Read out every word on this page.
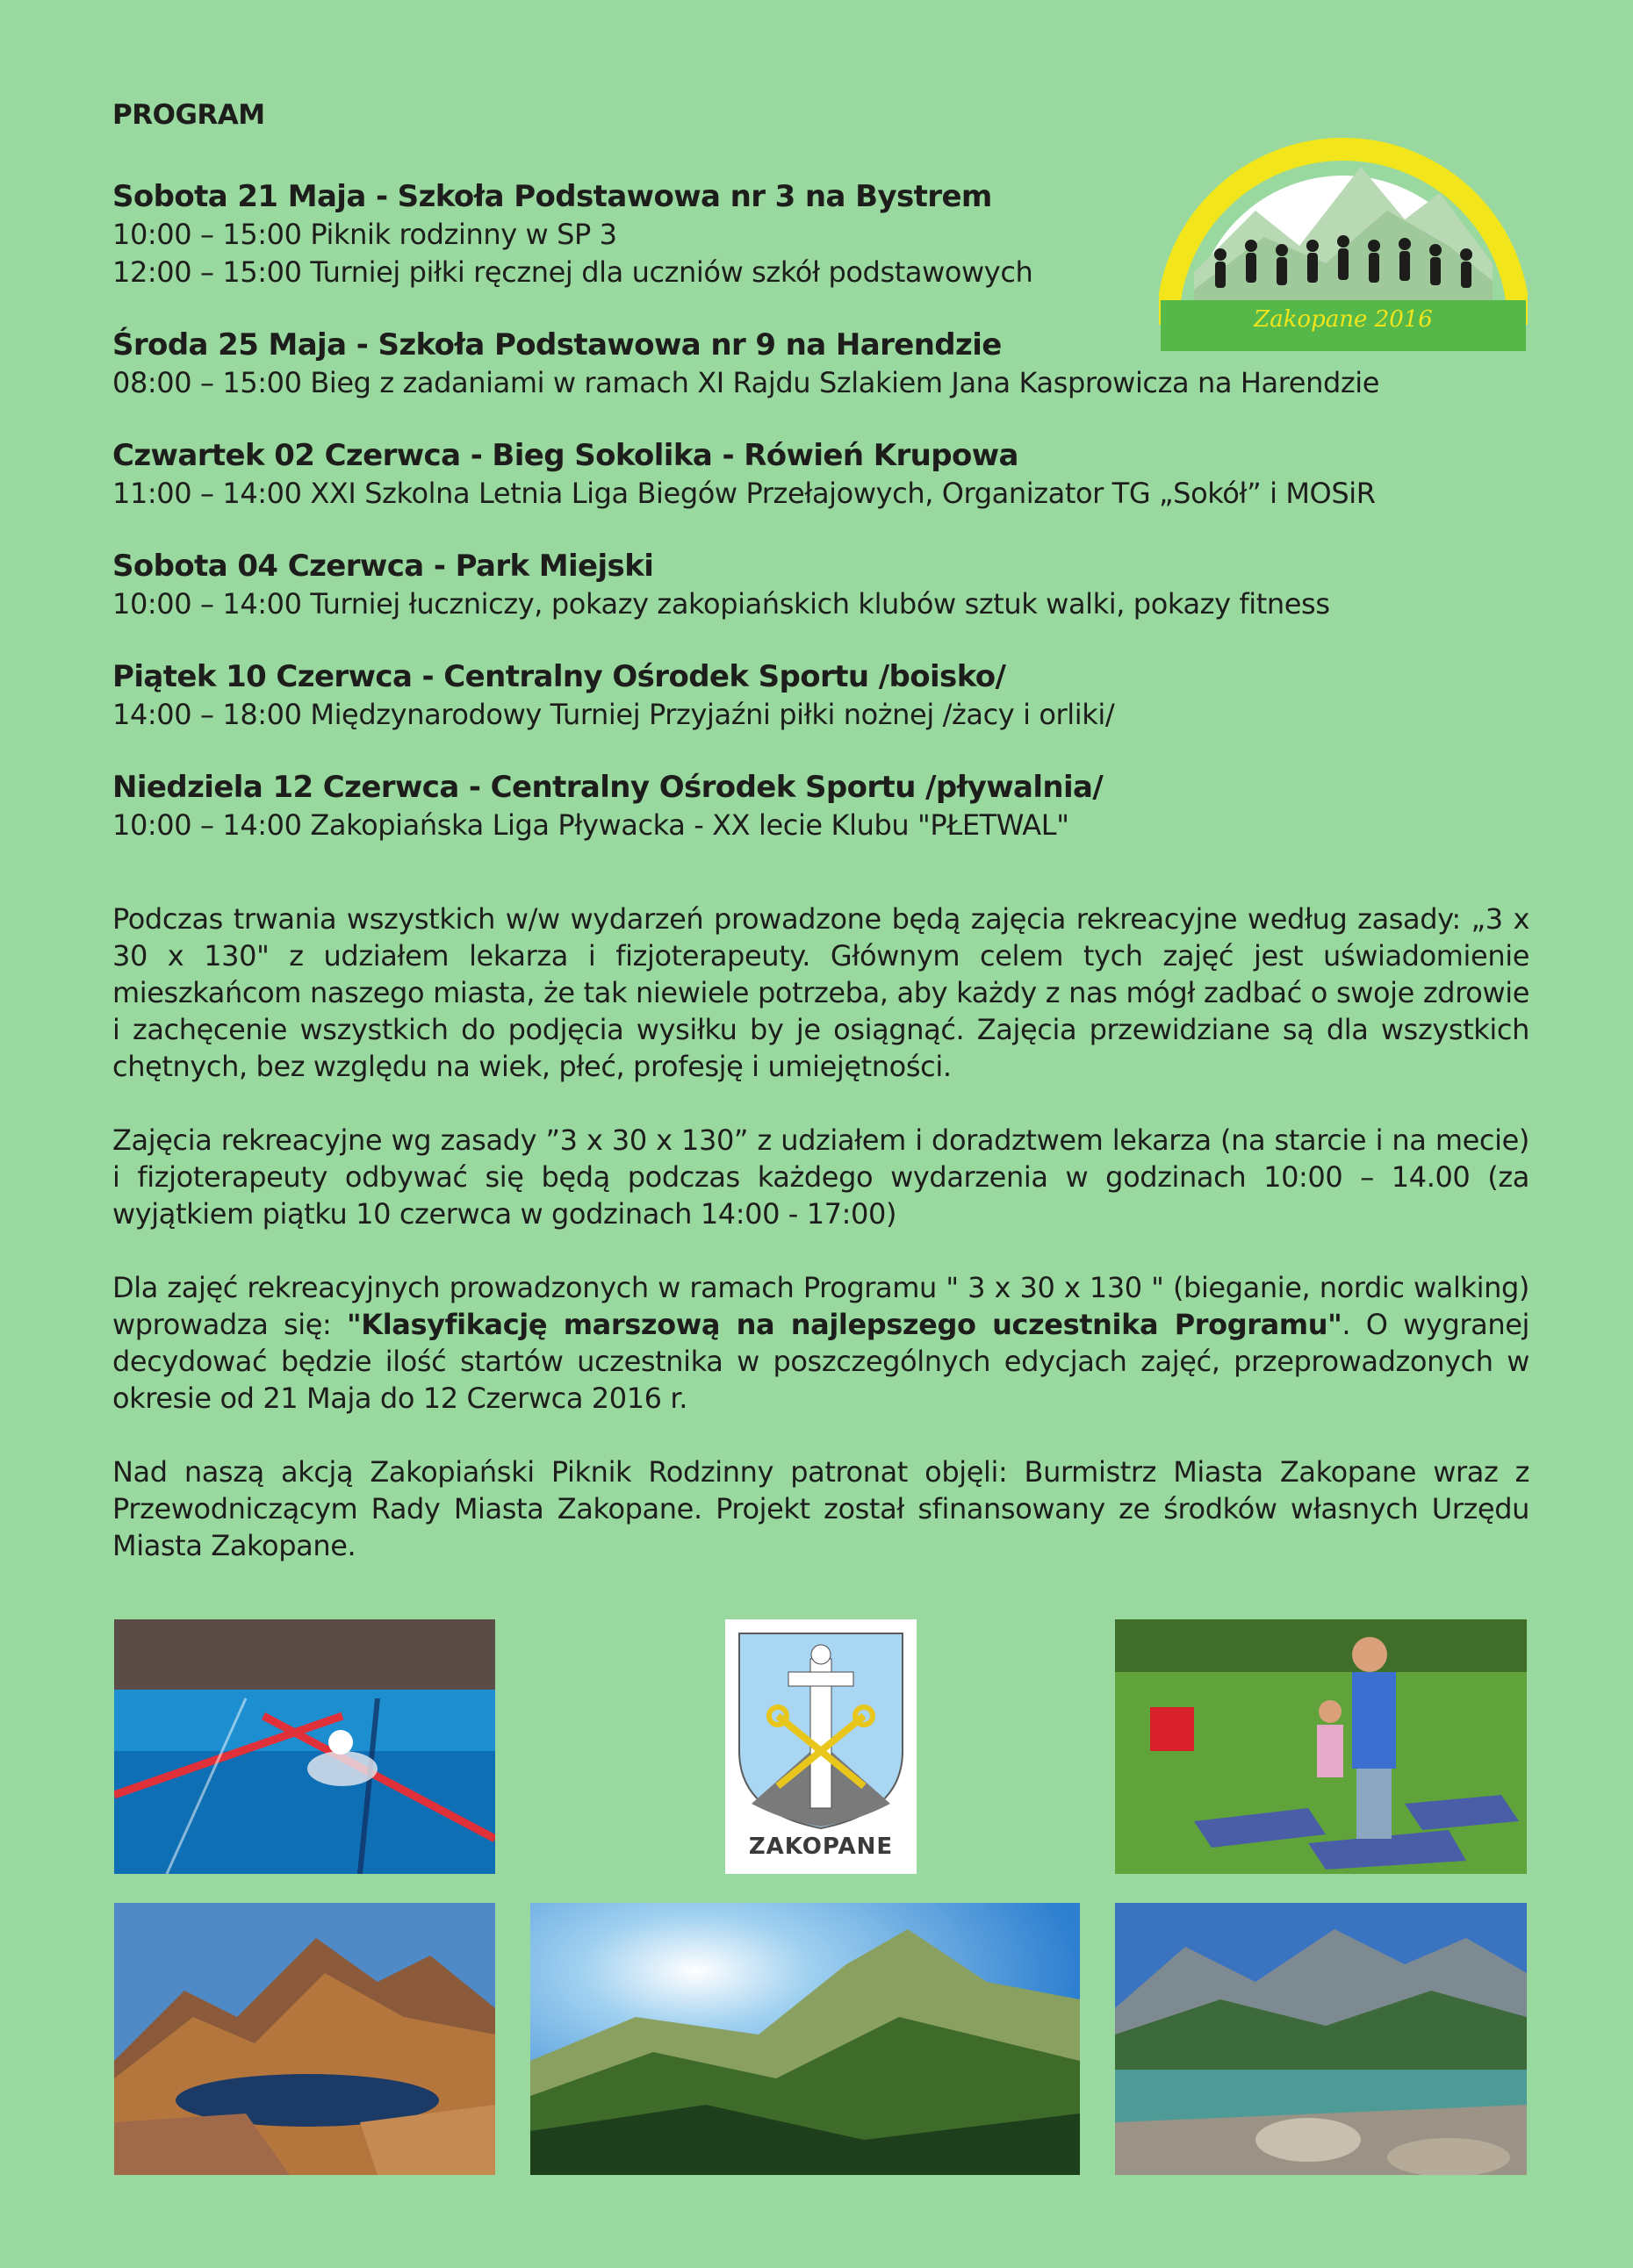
PROGRAM
Sobota 21 Maja - Szkoła Podstawowa nr 3 na Bystrem
10:00 – 15:00 Piknik rodzinny w SP 3
12:00 – 15:00 Turniej piłki ręcznej dla uczniów szkół podstawowych
Środa 25 Maja - Szkoła Podstawowa nr 9 na Harendzie
08:00 – 15:00 Bieg z zadaniami w ramach XI Rajdu Szlakiem Jana Kasprowicza na Harendzie
Czwartek 02 Czerwca - Bieg Sokolika - Rówień Krupowa
11:00 – 14:00 XXI Szkolna Letnia Liga Biegów Przełajowych, Organizator TG „Sokół” i MOSiR
Sobota 04 Czerwca - Park Miejski
10:00 – 14:00 Turniej łuczniczy, pokazy zakopiańskich klubów sztuk walki, pokazy fitness
Piątek 10 Czerwca - Centralny Ośrodek Sportu /boisko/
14:00 – 18:00 Międzynarodowy Turniej Przyjaźni piłki nożnej /żacy i orliki/
Niedziela 12 Czerwca - Centralny Ośrodek Sportu /pływalnia/
10:00 – 14:00 Zakopiańska Liga Pływacka - XX lecie Klubu "PŁETWAL"

Podczas trwania wszystkich w/w wydarzeń prowadzone będą zajęcia rekreacyjne według zasady: „3 x 30 x 130" z udziałem lekarza i fizjoterapeuty. Głównym celem tych zajęć jest uświadomienie mieszkańcom naszego miasta, że tak niewiele potrzeba, aby każdy z nas mógł zadbać o swoje zdrowie i zachęcenie wszystkich do podjęcia wysiłku by je osiągnąć. Zajęcia przewidziane są dla wszystkich chętnych, bez względu na wiek, płeć, profesję i umiejętności.

Zajęcia rekreacyjne wg zasady ”3 x 30 x 130” z udziałem i doradztwem lekarza (na starcie i na mecie) i fizjoterapeuty odbywać się będą podczas każdego wydarzenia w godzinach 10:00 – 14.00 (za wyjątkiem piątku 10 czerwca w godzinach 14:00 - 17:00)

Dla zajęć rekreacyjnych prowadzonych w ramach Programu " 3 x 30 x 130 " (bieganie, nordic walking) wprowadza się: "Klasyfikację marszową na najlepszego uczestnika Programu". O wygranej decydować będzie ilość startów uczestnika w poszczególnych edycjach zajęć, przeprowadzonych w okresie od 21 Maja do 12 Czerwca 2016 r.

Nad naszą akcją Zakopiański Piknik Rodzinny patronat objęli: Burmistrz Miasta Zakopane wraz z Przewodniczącym Rady Miasta Zakopane. Projekt został sfinansowany ze środków własnych Urzędu Miasta Zakopane.

Zakopane 2016
ZAKOPANE
